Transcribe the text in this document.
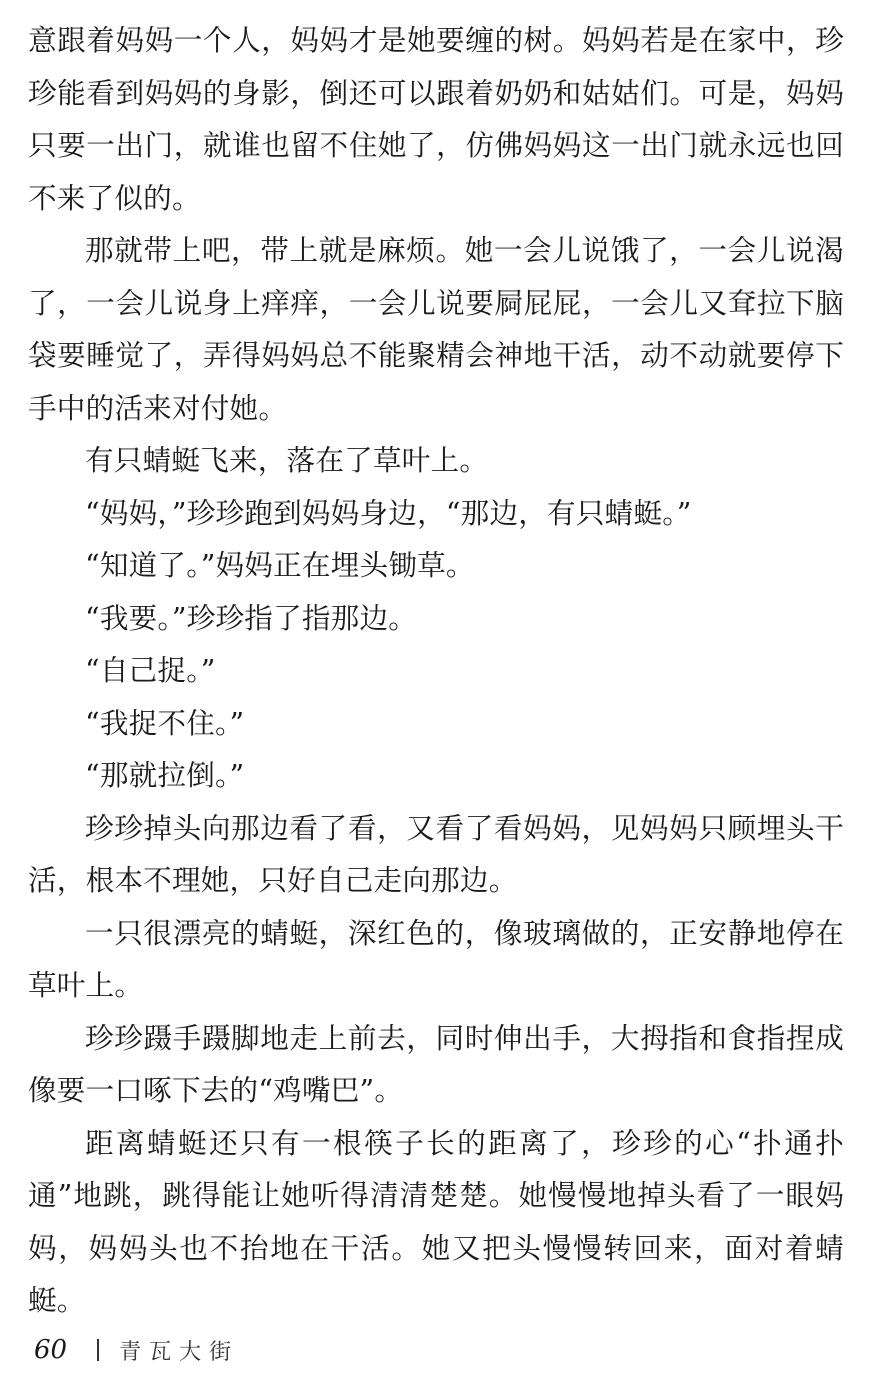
意跟着妈妈一个人，妈妈才是她要缠的树。妈妈若是在家中，珍珍能看到妈妈的身影，倒还可以跟着奶奶和姑姑们。可是，妈妈只要一出门，就谁也留不住她了，仿佛妈妈这一出门就永远也回不来了似的。

那就带上吧，带上就是麻烦。她一会儿说饿了，一会儿说渴了，一会儿说身上痒痒，一会儿说要屙屁屁，一会儿又耷拉下脑袋要睡觉了，弄得妈妈总不能聚精会神地干活，动不动就要停下手中的活来对付她。

有只蜻蜓飞来，落在了草叶上。

“妈妈，”珍珍跑到妈妈身边，“那边，有只蜻蜓。”

“知道了。”妈妈正在埋头锄草。

“我要。”珍珍指了指那边。

“自己捉。”

“我捉不住。”

“那就拉倒。”

珍珍掉头向那边看了看，又看了看妈妈，见妈妈只顾埋头干活，根本不理她，只好自己走向那边。

一只很漂亮的蜻蜓，深红色的，像玻璃做的，正安静地停在草叶上。

珍珍蹑手蹑脚地走上前去，同时伸出手，大拇指和食指捏成像要一口啄下去的“鸡嘴巴”。

距离蜻蜓还只有一根筷子长的距离了，珍珍的心“扑通扑通”地跳，跳得能让她听得清清楚楚。她慢慢地掉头看了一眼妈妈，妈妈头也不抬地在干活。她又把头慢慢转回来，面对着蜻蜓。

60 青瓦大街
